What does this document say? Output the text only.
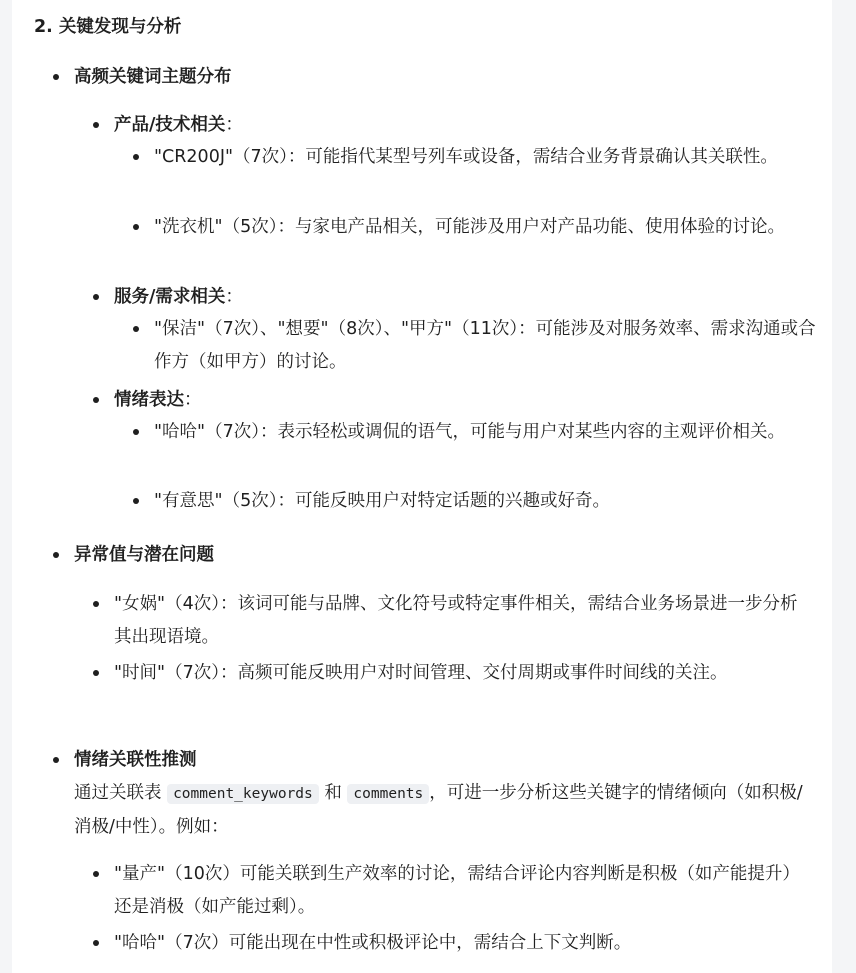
2. 关键发现与分析
高频关键词主题分布
产品/技术相关：
"CR200J"（7次）：可能指代某型号列车或设备，需结合业务背景确认其关联性。
"洗衣机"（5次）：与家电产品相关，可能涉及用户对产品功能、使用体验的讨论。
服务/需求相关：
"保洁"（7次）、"想要"（8次）、"甲方"（11次）：可能涉及对服务效率、需求沟通或合作方（如甲方）的讨论。
情绪表达：
"哈哈"（7次）：表示轻松或调侃的语气，可能与用户对某些内容的主观评价相关。
"有意思"（5次）：可能反映用户对特定话题的兴趣或好奇。
异常值与潜在问题
"女娲"（4次）：该词可能与品牌、文化符号或特定事件相关，需结合业务场景进一步分析其出现语境。
"时间"（7次）：高频可能反映用户对时间管理、交付周期或事件时间线的关注。
情绪关联性推测
通过关联表 comment_keywords 和 comments ，可进一步分析这些关键字的情绪倾向（如积极/消极/中性）。例如：
"量产"（10次）可能关联到生产效率的讨论，需结合评论内容判断是积极（如产能提升）还是消极（如产能过剩）。
"哈哈"（7次）可能出现在中性或积极评论中，需结合上下文判断。
